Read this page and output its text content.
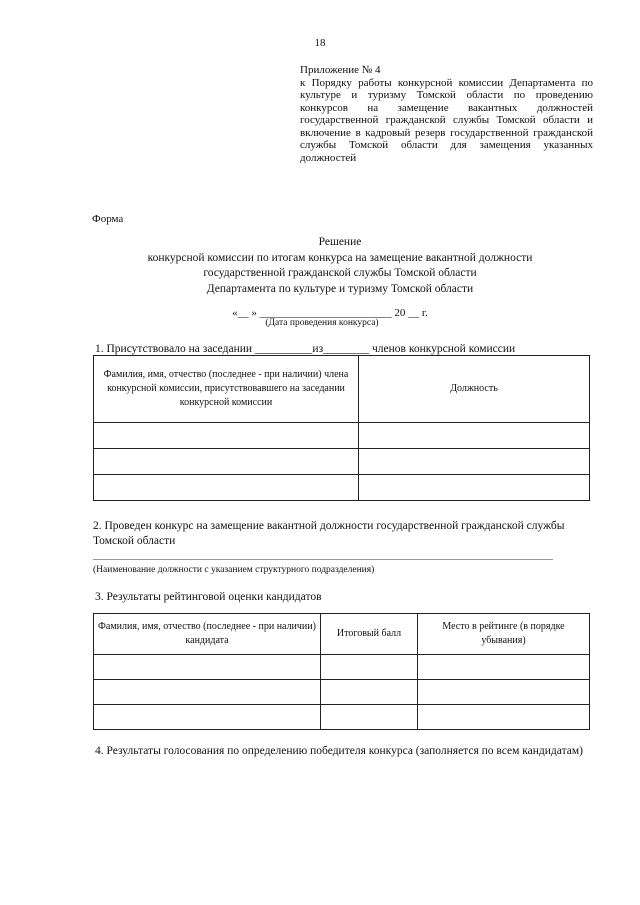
18

Приложение № 4

к Порядку работы конкурсной комиссии Департамента по культуре и туризму Томской области по проведению конкурсов на замещение вакантных должностей государственной гражданской службы Томской области и включение в кадровый резерв государственной гражданской службы Томской области для замещения указанных должностей

Форма
Решение
конкурсной комиссии по итогам конкурса на замещение вакантной должности
государственной гражданской службы Томской области
Департамента по культуре и туризму Томской области
«__ » ________________________ 20 __ г.
(Дата проведения конкурса)
1. Присутствовало на заседании __________из________ членов конкурсной комиссии
Фамилия, имя, отчество (последнее - при наличии) члена конкурсной комиссии, присутствовавшего на заседании конкурсной комиссии	Должность

2. Проведен конкурс на замещение вакантной должности государственной гражданской службы Томской области
(Наименование должности с указанием структурного подразделения)
3. Результаты рейтинговой оценки кандидатов
Фамилия, имя, отчество (последнее - при наличии) кандидата	Итоговый балл	Место в рейтинге (в порядке убывания)

4. Результаты голосования по определению победителя конкурса (заполняется по всем кандидатам)
